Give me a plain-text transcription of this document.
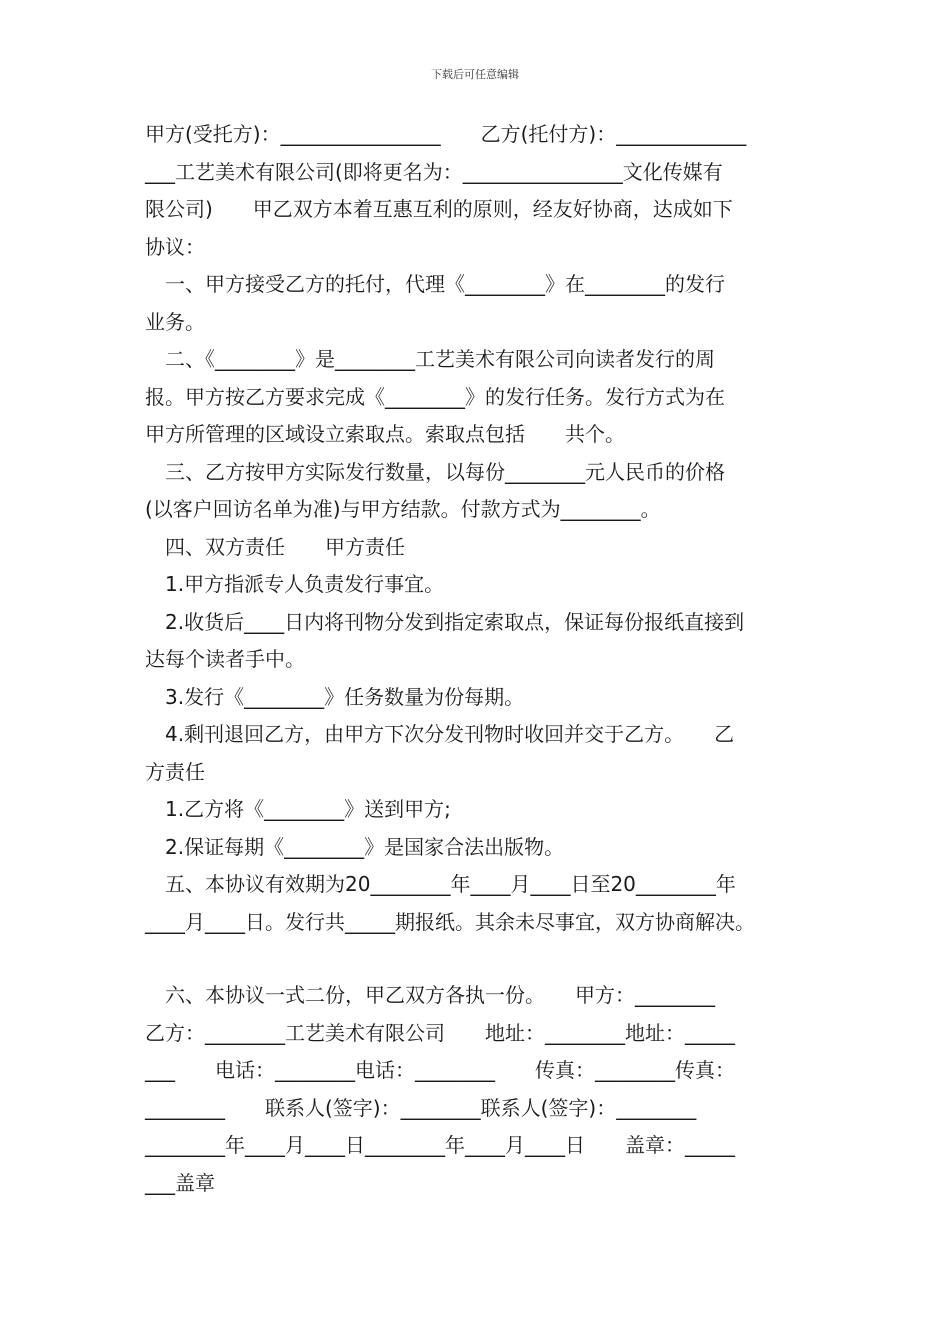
下载后可任意编辑

甲方(受托方)：________________　　乙方(托付方)：_____________

___工艺美术有限公司(即将更名为：________________文化传媒有

限公司)　　甲乙双方本着互惠互利的原则，经友好协商，达成如下

协议：

　一、甲方接受乙方的托付，代理《________》在________的发行

业务。

　二、《________》是________工艺美术有限公司向读者发行的周

报。甲方按乙方要求完成《________》的发行任务。发行方式为在

甲方所管理的区域设立索取点。索取点包括　　共个。

　三、乙方按甲方实际发行数量，以每份________元人民币的价格

(以客户回访名单为准)与甲方结款。付款方式为________。

　四、双方责任　　甲方责任

　1.甲方指派专人负责发行事宜。

　2.收货后____日内将刊物分发到指定索取点，保证每份报纸直接到

达每个读者手中。

　3.发行《________》任务数量为份每期。

　4.剩刊退回乙方，由甲方下次分发刊物时收回并交于乙方。　　乙

方责任

　1.乙方将《________》送到甲方;

　2.保证每期《________》是国家合法出版物。

　五、本协议有效期为20________年____月____日至20________年

____月____日。发行共_____期报纸。其余未尽事宜，双方协商解决。

　六、本协议一式二份，甲乙双方各执一份。　　甲方：________

乙方：________工艺美术有限公司　　地址：________地址：_____

___　　电话：________电话：________　　传真：________传真：

________　　联系人(签字)：________联系人(签字)：________

________年____月____日________年____月____日　　盖章：_____

___盖章
